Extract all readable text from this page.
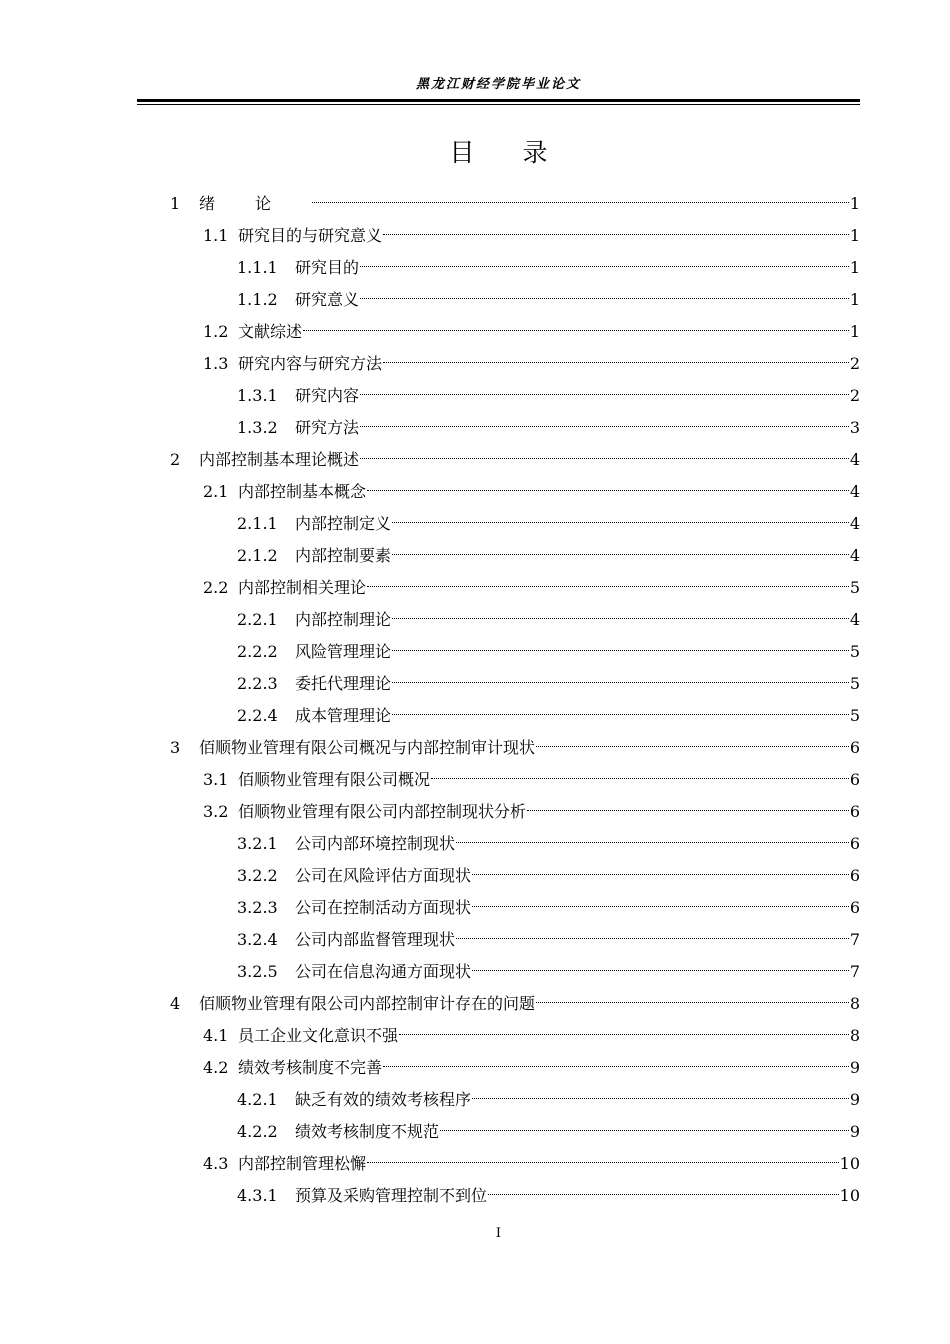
黑龙江财经学院毕业论文
目 录
1	绪论	1
1.1 研究目的与研究意义	1
1.1.1	研究目的	1
1.1.2	研究意义	1
1.2 文献综述	1
1.3 研究内容与研究方法	2
1.3.1	研究内容	2
1.3.2	研究方法	3
2	内部控制基本理论概述	4
2.1 内部控制基本概念	4
2.1.1	内部控制定义	4
2.1.2	内部控制要素	4
2.2 内部控制相关理论	5
2.2.1	内部控制理论	4
2.2.2	风险管理理论	5
2.2.3	委托代理理论	5
2.2.4	成本管理理论	5
3	佰顺物业管理有限公司概况与内部控制审计现状	6
3.1 佰顺物业管理有限公司概况	6
3.2 佰顺物业管理有限公司内部控制现状分析	6
3.2.1	公司内部环境控制现状	6
3.2.2	公司在风险评估方面现状	6
3.2.3	公司在控制活动方面现状	6
3.2.4	公司内部监督管理现状	7
3.2.5	公司在信息沟通方面现状	7
4	佰顺物业管理有限公司内部控制审计存在的问题	8
4.1 员工企业文化意识不强	8
4.2 绩效考核制度不完善	9
4.2.1	缺乏有效的绩效考核程序	9
4.2.2	绩效考核制度不规范	9
4.3 内部控制管理松懈	10
4.3.1	预算及采购管理控制不到位	10
I
